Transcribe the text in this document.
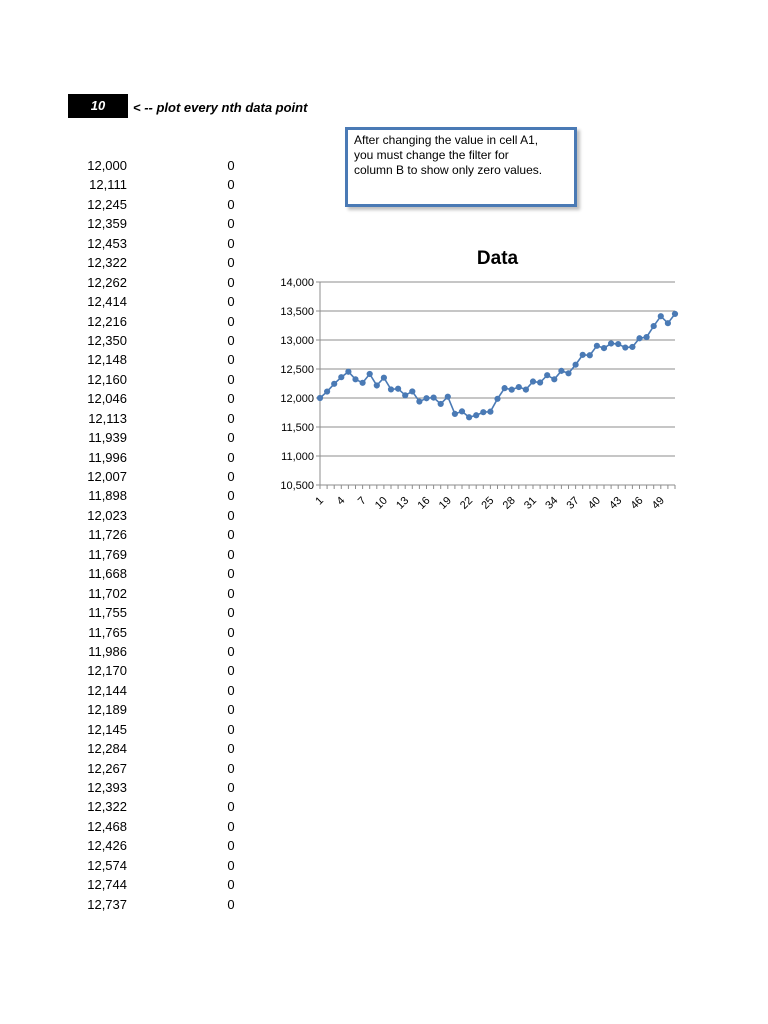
10	< -- plot every nth data point
12,000	0
12,111	0
12,245	0
12,359	0
12,453	0
12,322	0
12,262	0
12,414	0
12,216	0
12,350	0
12,148	0
12,160	0
12,046	0
12,113	0
11,939	0
11,996	0
12,007	0
11,898	0
12,023	0
11,726	0
11,769	0
11,668	0
11,702	0
11,755	0
11,765	0
11,986	0
12,170	0
12,144	0
12,189	0
12,145	0
12,284	0
12,267	0
12,393	0
12,322	0
12,468	0
12,426	0
12,574	0
12,744	0
12,737	0
After changing the value in cell A1,
you must change the filter for
column B to show only zero values.
Data
10,500
11,000
11,500
12,000
12,500
13,000
13,500
14,000
1 4 7 10 13 16 19 22 25 28 31 34 37 40 43 46 49
